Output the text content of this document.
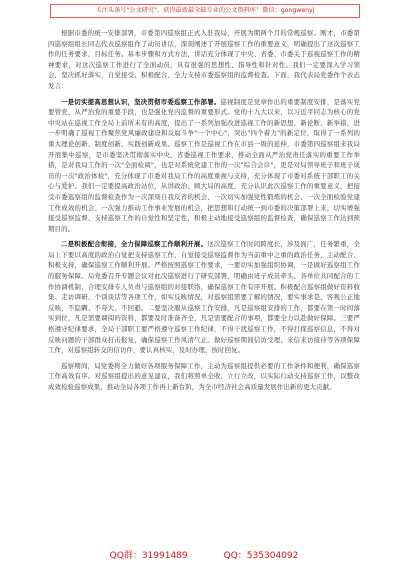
关注头条号"公文研究"，获得最新最全最专业的公文资料库！微信：gongwenyj

根据市委的统一安排部署，市委第四巡察组正式入驻我局，开展为期两个月的常规巡察。刚才，市委第四巡察组组长同志代表巡察组作了动员讲话，深刻阐述了开展巡察工作的重要意义，明确提出了这次巡察工作的任务要求，目标任务。基本步骤和方式方法，讲话充分体现了中央、省委、市委关于巡视巡察工作的精神要求，对这次巡察工作进行了全面动员，具有很强的思想性、指导性和针对性。我们一定要深入学习领会，坚决抓好落实，自觉接受、积极配合、全力支持市委巡察组的监督检查。下面，我代表局党委作个表态发言：

一是切实提高思想认识，坚决贯彻市委巡察工作部署。巡视制度是党章作出的重要制度安排，是落实党要管党、从严治党的重要手段，也是强化党内监督的重要形式。党的十九大以来，以习近平同志为核心的党中央站在巡视工作全局上前所未有的高度，提出了一系列加强改进巡视工作的新思想、新论断、新举措，进一步明确了巡视工作聚焦党风廉政建设和反腐斗争"一个中心"，突出"四个着力"的新定位，取得了一系列的重大理论创新、制度创新、实践创新成果。巡察工作是巡视工作在市县一级的延伸，市委第四巡察组来我局开展集中巡察，是市委坚决贯彻落实中央、省委巡视工作要求，推动全面从严治党责任落实的重要工作举措，是对我局工作的一次"全面检阅"，也是对系统党建工作的一次"综合会诊"，更是对局领导班子和班子成员的一次"政治体检"，充分体现了市委对我局工作的高度重视与支持，充分体现了市委对系统干部职工的关心与爱护。我们一定要提高政治站位，从讲政治、顾大局的高度，充分认识此次巡察工作的重要意义，把接受市委巡察组的监督检查作为一次深刻自我反省的机会、一次切实加强党性锻炼的机会、一次全面检验党建工作成效的机会、一次强力推动工作事业发展的机会，把思想和行动统一到市委的决策部署上来，切实增强接受巡察监督、支持巡察工作的自觉性和坚定性，积极主动地接受巡察组的监督检查，确保巡察工作达到预期目的。

二是积极配合衔接，全力保障巡察工作顺利开展。这次巡察工作时间跨度长，涉及面广，任务繁重，全局上下要以高度的政治自觉把支持巡察工作、自觉接受巡察监督作为当前重中之重的政治任务，主动配合、积极支持，确保巡察工作顺利开展。严格按照巡察工作要求，一要切实加强组织协调，一是做好巡察组工作的服务保障。局党委召开专题会议对此次巡察进行了研究部署，明确由班子成员牵头、各单位共同配合的工作协调机制，合理安排专人负责与巡察组的对接联络，确保巡察工作有序开展。积极配合巡察组做好资料收集、走访调研、个别谈话等各项工作，如实反映情况，对巡察组需要了解的情况，要实事求是、客观公正地反映，不隐瞒、不夸大、不回避。二要坚决服从巡察工作安排，凡是巡察组安排的工作，都要在第一时间落实到位，凡是需要调阅的资料，都要及时准备齐全，凡是需要配合的事项，都要全力以赴做好保障。三要严格遵守纪律要求，全局干部职工要严格遵守巡察工作纪律，不得干扰巡察工作，不得打探巡察信息，不得对反映问题的干部群众打击报复，确保巡察工作风清气正。做好巡察期间信访受理、来信来访接待等各项保障工作，对巡察组转交的信访件，要认真核实、及时办理、按时回复。

巡察期间，局党委将全力做好各项服务保障工作，主动为巡察组提供必要的工作条件和便利，确保巡察工作高效有序。对巡察组提出的意见建议，我们将照单全收、立行立改，以实际行动支持巡察工作，以整改成效检验巡察成果，推动全局各项工作再上新台阶，为全市经济社会高质量发展作出新的更大贡献。

QQ群：31991489	QQ：535304092
